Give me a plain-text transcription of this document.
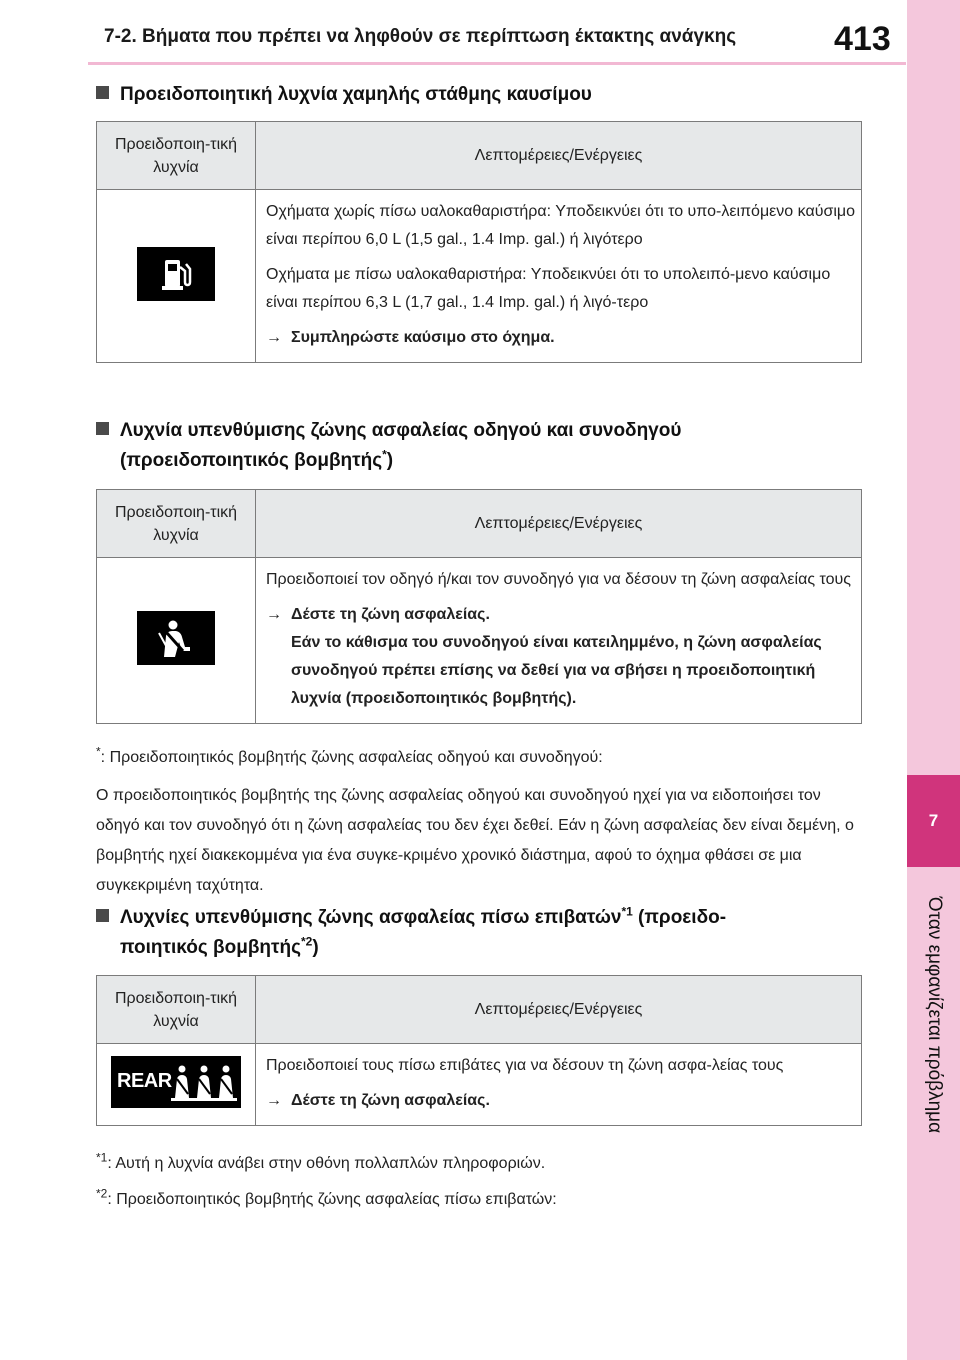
7-2. Βήματα που πρέπει να ληφθούν σε περίπτωση έκτακτης ανάγκης	413
7
Όταν εμφανίζεται πρόβλημα
Προειδοποιητική λυχνία χαμηλής στάθμης καυσίμου
Προειδοποιη-τική λυχνία	Λεπτομέρειες/Ενέργειες

Οχήματα χωρίς πίσω υαλοκαθαριστήρα: Υποδεικνύει ότι το υπο-λειπόμενο καύσιμο είναι περίπου 6,0 L (1,5 gal., 1.4 Imp. gal.) ή λιγότερο

Οχήματα με πίσω υαλοκαθαριστήρα: Υποδεικνύει ότι το υπολειπό-μενο καύσιμο είναι περίπου 6,3 L (1,7 gal., 1.4 Imp. gal.) ή λιγό-τερο

→ Συμπληρώστε καύσιμο στο όχημα.

Λυχνία υπενθύμισης ζώνης ασφαλείας οδηγού και συνοδηγού
(προειδοποιητικός βομβητής*)
Προειδοποιη-τική λυχνία	Λεπτομέρειες/Ενέργειες

Προειδοποιεί τον οδηγό ή/και τον συνοδηγό για να δέσουν τη ζώνη ασφαλείας τους

→ Δέστε τη ζώνη ασφαλείας.
Εάν το κάθισμα του συνοδηγού είναι κατειλημμένο, η ζώνη ασφαλείας συνοδηγού πρέπει επίσης να δεθεί για να σβήσει η προειδοποιητική λυχνία (προειδοποιητικός βομβητής).

*: Προειδοποιητικός βομβητής ζώνης ασφαλείας οδηγού και συνοδηγού:
Ο προειδοποιητικός βομβητής της ζώνης ασφαλείας οδηγού και συνοδηγού ηχεί για να ειδοποιήσει τον οδηγό και τον συνοδηγό ότι η ζώνη ασφαλείας του δεν έχει δεθεί. Εάν η ζώνη ασφαλείας δεν είναι δεμένη, ο βομβητής ηχεί διακεκομμένα για ένα συγκε-κριμένο χρονικό διάστημα, αφού το όχημα φθάσει σε μια συγκεκριμένη ταχύτητα.
Λυχνίες υπενθύμισης ζώνης ασφαλείας πίσω επιβατών$^{*1}$ (προειδο-
ποιητικός βομβητής$^{*2}$)
Προειδοποιη-τική λυχνία	Λεπτομέρειες/Ενέργειες

REAR	Προειδοποιεί τους πίσω επιβάτες για να δέσουν τη ζώνη ασφα-λείας τους

→ Δέστε τη ζώνη ασφαλείας.

$^{*1}$: Αυτή η λυχνία ανάβει στην οθόνη πολλαπλών πληροφοριών.
$^{*2}$: Προειδοποιητικός βομβητής ζώνης ασφαλείας πίσω επιβατών:
